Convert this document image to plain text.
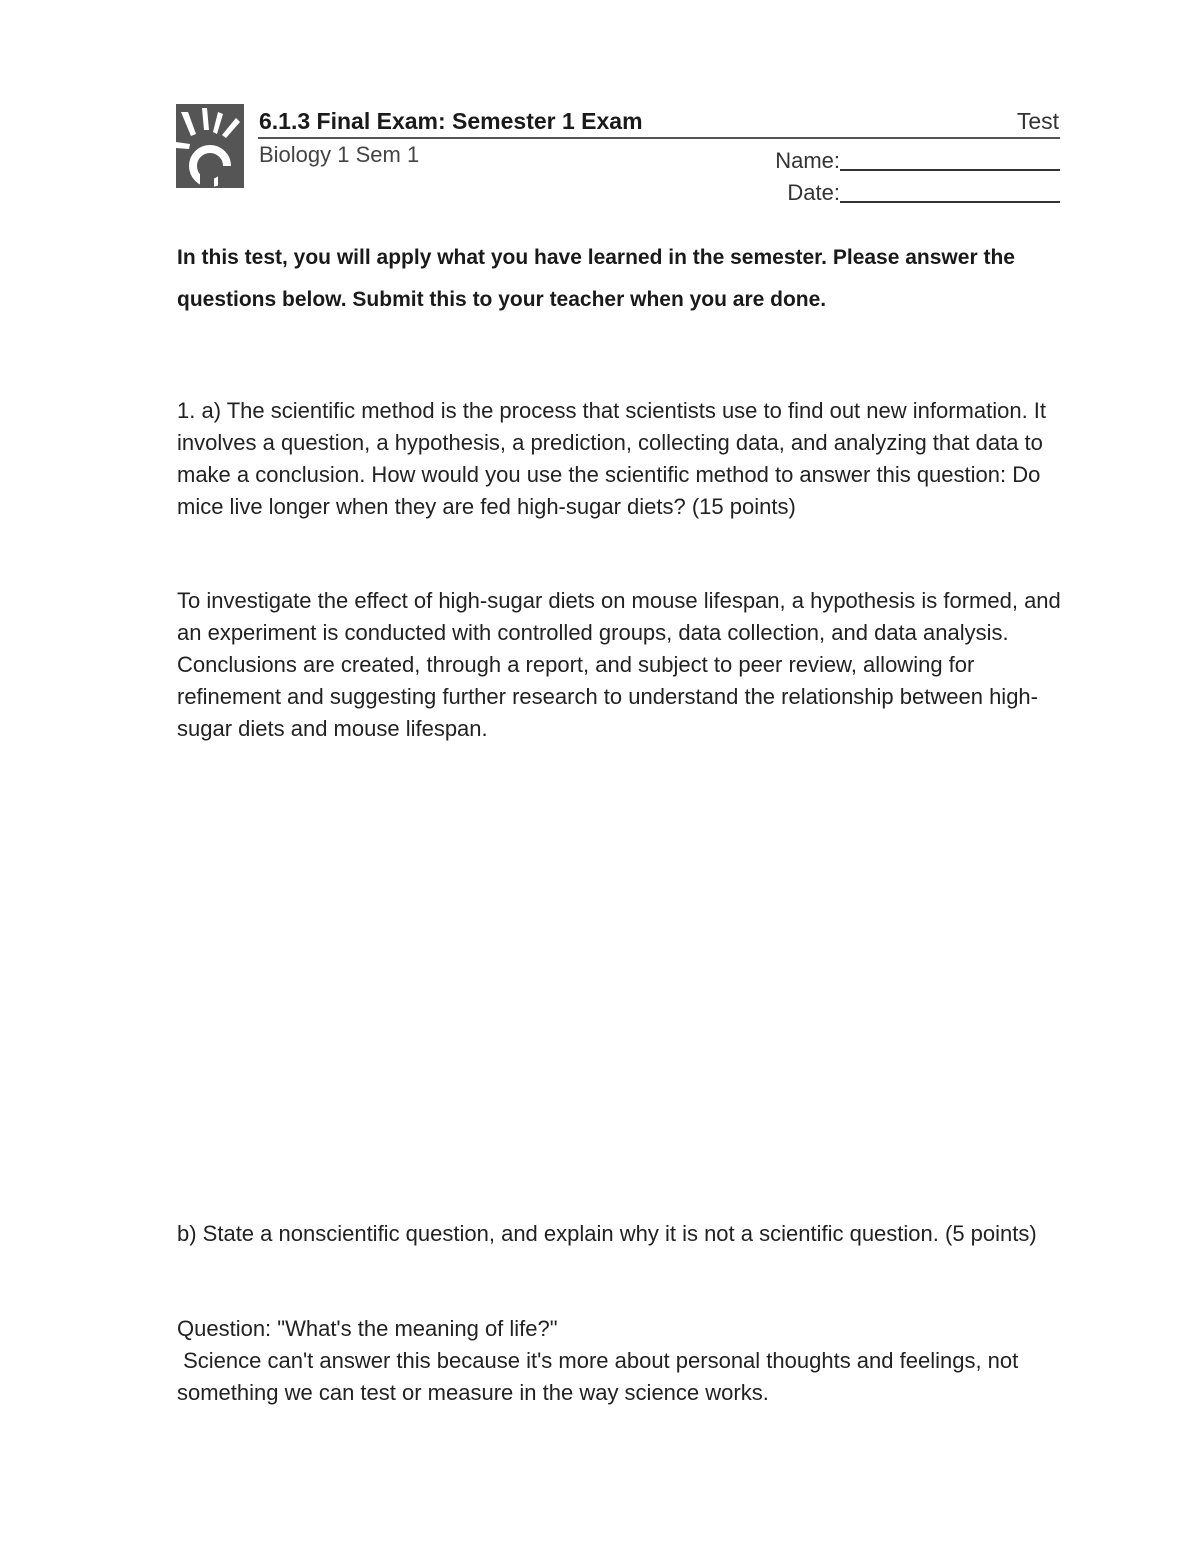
6.1.3 Final Exam: Semester 1 Exam	Test
Biology 1 Sem 1	Name:
Date:
In this test, you will apply what you have learned in the semester. Please answer the questions below. Submit this to your teacher when you are done.

1. a) The scientific method is the process that scientists use to find out new information. It involves a question, a hypothesis, a prediction, collecting data, and analyzing that data to make a conclusion. How would you use the scientific method to answer this question: Do mice live longer when they are fed high-sugar diets? (15 points)

To investigate the effect of high-sugar diets on mouse lifespan, a hypothesis is formed, and an experiment is conducted with controlled groups, data collection, and data analysis. Conclusions are created, through a report, and subject to peer review, allowing for refinement and suggesting further research to understand the relationship between high-sugar diets and mouse lifespan.

b) State a nonscientific question, and explain why it is not a scientific question. (5 points)

Question: "What's the meaning of life?"

Science can't answer this because it's more about personal thoughts and feelings, not something we can test or measure in the way science works.
